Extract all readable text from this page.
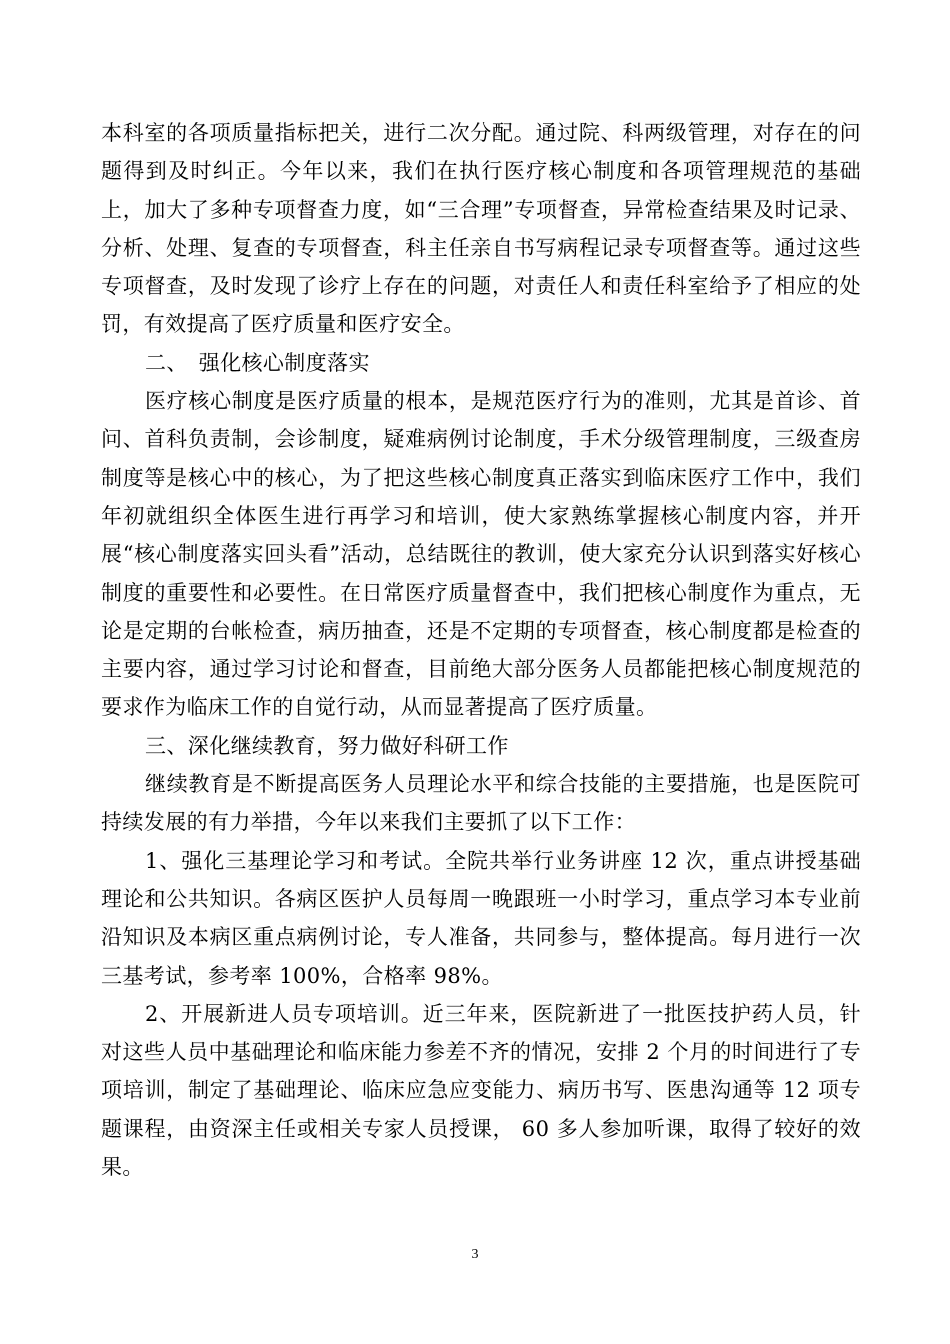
本科室的各项质量指标把关，进行二次分配。通过院、科两级管理，对存在的问题得到及时纠正。今年以来，我们在执行医疗核心制度和各项管理规范的基础上，加大了多种专项督查力度，如“三合理”专项督查，异常检查结果及时记录、分析、处理、复查的专项督查，科主任亲自书写病程记录专项督查等。通过这些专项督查，及时发现了诊疗上存在的问题，对责任人和责任科室给予了相应的处罚，有效提高了医疗质量和医疗安全。

二、　强化核心制度落实

医疗核心制度是医疗质量的根本，是规范医疗行为的准则，尤其是首诊、首问、首科负责制，会诊制度，疑难病例讨论制度，手术分级管理制度，三级查房制度等是核心中的核心，为了把这些核心制度真正落实到临床医疗工作中，我们年初就组织全体医生进行再学习和培训，使大家熟练掌握核心制度内容，并开展“核心制度落实回头看”活动，总结既往的教训，使大家充分认识到落实好核心制度的重要性和必要性。在日常医疗质量督查中，我们把核心制度作为重点，无论是定期的台帐检查，病历抽查，还是不定期的专项督查，核心制度都是检查的主要内容，通过学习讨论和督查，目前绝大部分医务人员都能把核心制度规范的要求作为临床工作的自觉行动，从而显著提高了医疗质量。

三、深化继续教育，努力做好科研工作

继续教育是不断提高医务人员理论水平和综合技能的主要措施，也是医院可持续发展的有力举措，今年以来我们主要抓了以下工作：

1、强化三基理论学习和考试。全院共举行业务讲座 12 次，重点讲授基础理论和公共知识。各病区医护人员每周一晚跟班一小时学习，重点学习本专业前沿知识及本病区重点病例讨论，专人准备，共同参与，整体提高。每月进行一次三基考试，参考率 100%，合格率 98%。

2、开展新进人员专项培训。近三年来，医院新进了一批医技护药人员，针对这些人员中基础理论和临床能力参差不齐的情况，安排 2 个月的时间进行了专项培训，制定了基础理论、临床应急应变能力、病历书写、医患沟通等 12 项专题课程，由资深主任或相关专家人员授课， 60 多人参加听课，取得了较好的效果。

3
